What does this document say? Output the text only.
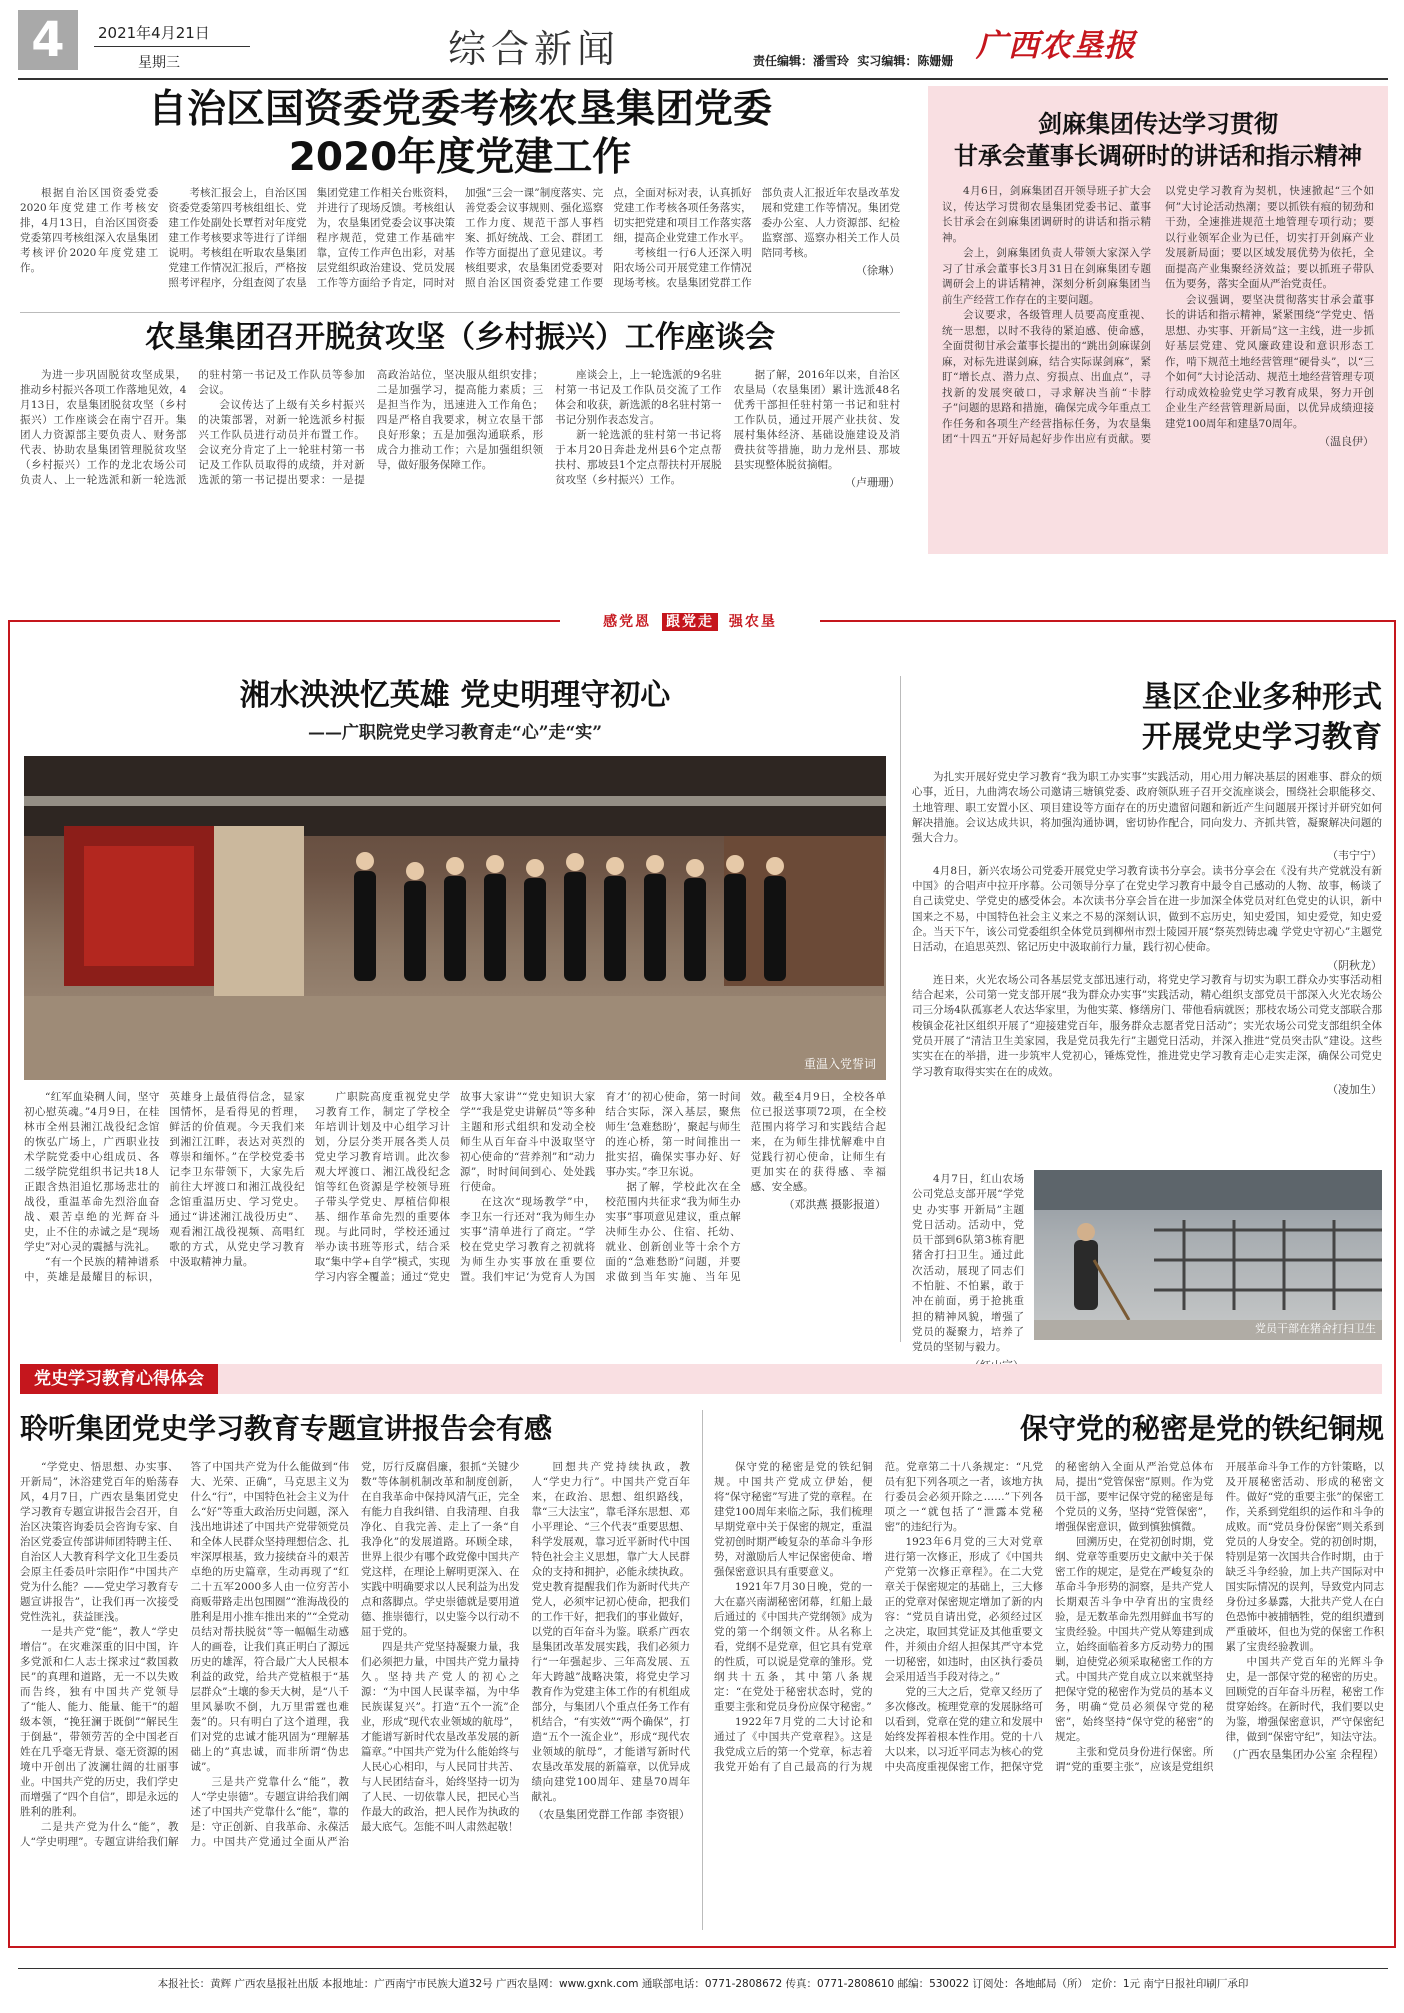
4	2021年4月21日
星期三	综合新闻	责任编辑：潘雪玲  实习编辑：陈姗姗 广西农垦报
自治区国资委党委考核农垦集团党委
2020年度党建工作

根据自治区国资委党委2020年度党建工作考核安排，4月13日，自治区国资委党委第四考核组深入农垦集团考核评价2020年度党建工作。

考核汇报会上，自治区国资委党委第四考核组组长、党建工作处副处长覃哲对年度党建工作考核要求等进行了详细说明。考核组在听取农垦集团党建工作情况汇报后，严格按照考评程序，分组查阅了农垦集团党建工作相关台账资料，并进行了现场反馈。考核组认为，农垦集团党委会议事决策程序规范，党建工作基础牢靠，宣传工作声色出彩，对基层党组织政治建设、党员发展工作等方面给予肯定，同时对加强“三会一课”制度落实、完善党委会议事规则、强化巡察工作力度、规范干部人事档案、抓好统战、工会、群团工作等方面提出了意见建议。考核组要求，农垦集团党委要对照自治区国资委党建工作要点，全面对标对表，认真抓好党建工作考核各项任务落实，切实把党建和项目工作落实落细，提高企业党建工作水平。

考核组一行6人还深入明阳农场公司开展党建工作情况现场考核。农垦集团党群工作部负责人汇报近年农垦改革发展和党建工作等情况。集团党委办公室、人力资源部、纪检监察部、巡察办相关工作人员陪同考核。

（徐琳）
剑麻集团传达学习贯彻
甘承会董事长调研时的讲话和指示精神

4月6日，剑麻集团召开领导班子扩大会议，传达学习贯彻农垦集团党委书记、董事长甘承会在剑麻集团调研时的讲话和指示精神。

会上，剑麻集团负责人带领大家深入学习了甘承会董事长3月31日在剑麻集团专题调研会上的讲话精神，深刻分析剑麻集团当前生产经营工作存在的主要问题。

会议要求，各级管理人员要高度重视、统一思想，以时不我待的紧迫感、使命感，全面贯彻甘承会董事长提出的“跳出剑麻谋剑麻，对标先进谋剑麻，结合实际谋剑麻”，紧盯“增长点、潜力点、穷损点、出血点”，寻找新的发展突破口，寻求解决当前“卡脖子”问题的思路和措施，确保完成今年重点工作任务和各项生产经营指标任务，为农垦集团“十四五”开好局起好步作出应有贡献。要以党史学习教育为契机，快速掀起“三个如何”大讨论活动热潮；要以抓铁有痕的韧劲和干劲，全速推进规范土地管理专项行动；要以行业领军企业为已任，切实打开剑麻产业发展新局面；要以区域发展优势为依托，全面提高产业集聚经济效益；要以抓班子带队伍为要务，落实全面从严治党责任。

会议强调，要坚决贯彻落实甘承会董事长的讲话和指示精神，紧紧围绕“学党史、悟思想、办实事、开新局”这一主线，进一步抓好基层党建、党风廉政建设和意识形态工作，啃下规范土地经营管理“硬骨头”，以“三个如何”大讨论活动、规范土地经营管理专项行动成效检验党史学习教育成果，努力开创企业生产经营管理新局面，以优异成绩迎接建党100周年和建垦70周年。

（温良伊）
农垦集团召开脱贫攻坚（乡村振兴）工作座谈会

为进一步巩固脱贫攻坚成果，推动乡村振兴各项工作落地见效，4月13日，农垦集团脱贫攻坚（乡村振兴）工作座谈会在南宁召开。集团人力资源部主要负责人、财务部代表、协助农垦集团管理脱贫攻坚（乡村振兴）工作的龙北农场公司负责人、上一轮选派和新一轮选派的驻村第一书记及工作队员等参加会议。

会议传达了上级有关乡村振兴的决策部署，对新一轮选派乡村振兴工作队员进行动员并布置工作。会议充分肯定了上一轮驻村第一书记及工作队员取得的成绩，并对新选派的第一书记提出要求：一是提高政治站位，坚决服从组织安排；二是加强学习，提高能力素质；三是担当作为，迅速进入工作角色；四是严格自我要求，树立农垦干部良好形象；五是加强沟通联系，形成合力推动工作；六是加强组织领导，做好服务保障工作。

座谈会上，上一轮选派的9名驻村第一书记及工作队员交流了工作体会和收获，新选派的8名驻村第一书记分别作表态发言。

新一轮选派的驻村第一书记将于本月20日奔赴龙州县6个定点帮扶村、那坡县1个定点帮扶村开展脱贫攻坚（乡村振兴）工作。

据了解，2016年以来，自治区农垦局（农垦集团）累计选派48名优秀干部担任驻村第一书记和驻村工作队员，通过开展产业扶贫、发展村集体经济、基础设施建设及消费扶贫等措施，助力龙州县、那坡县实现整体脱贫摘帽。

（卢珊珊）
感党恩 跟党走 强农垦
湘水泱泱忆英雄 党史明理守初心
——广职院党史学习教育走“心”走“实”
重温入党誓词

“红军血染稠人间，坚守初心慰英魂。”4月9日，在桂林市全州县湘江战役纪念馆的恢弘广场上，广西职业技术学院党委中心组成员、各二级学院党组织书记共18人正跟含热泪追忆那场悲壮的战役，重温革命先烈浴血奋战、艰苦卓绝的光辉奋斗史，止不住的赤诚之是“现场学史”对心灵的震撼与洗礼。

“有一个民族的精神谱系中，英雄是最耀目的标识，英雄身上最值得信念，显家国情怀，是看得见的哲理，鲜活的价值观。今天我们来到湘江江畔，表达对英烈的尊崇和缅怀。”在学校党委书记李卫东带领下，大家先后前往大坪渡口和湘江战役纪念馆重温历史、学习党史。通过“讲述湘江战役历史”、观看湘江战役视频、高唱红歌的方式，从党史学习教育中汲取精神力量。

广职院高度重视党史学习教育工作，制定了学校全年培训计划及中心组学习计划，分层分类开展各类人员党史学习教育培训。此次参观大坪渡口、湘江战役纪念馆等红色资源是学校领导班子带头学党史、厚植信仰根基、细作革命先烈的重要体现。与此同时，学校还通过举办读书班等形式，结合采取“集中学+自学”模式，实现学习内容全覆盖；通过“党史故事大家讲”“党史知识大家学”“我是党史讲解员”等多种主题和形式组织和发动全校师生从百年奋斗中汲取坚守初心使命的“营养剂”和“动力源”，时时间间到心、处处践行使命。

在这次“现场教学”中，李卫东一行还对“我为师生办实事”清单进行了商定。“学校在党史学习教育之初就将为师生办实事放在重要位置。我们牢记‘为党育人为国育才’的初心使命，第一时间结合实际，深入基层，聚焦师生‘急难愁盼’，聚起与师生的连心桥，第一时间推出一批实招，确保实事办好、好事办实。”李卫东说。

据了解，学校此次在全校范围内共征求“我为师生办实事”事项意见建议，重点解决师生办公、住宿、托幼、就业、创新创业等十余个方面的“急难愁盼”问题，并要求做到当年实施、当年见效。截至4月9日，全校各单位已报送事项72项，在全校范围内将学习和实践结合起来，在为师生排忧解难中自觉践行初心使命，让师生有更加实在的获得感、幸福感、安全感。

（邓洪燕 摄影报道）
垦区企业多种形式
开展党史学习教育

为扎实开展好党史学习教育“我为职工办实事”实践活动，用心用力解决基层的困难事、群众的烦心事，近日，九曲湾农场公司邀请三塘镇党委、政府领队班子召开交流座谈会，围绕社会职能移交、土地管理、职工安置小区、项目建设等方面存在的历史遗留问题和新近产生问题展开探讨并研究如何解决措施。会议达成共识，将加强沟通协调，密切协作配合，同向发力、齐抓共管，凝聚解决问题的强大合力。

（韦宁宁）

4月8日，新兴农场公司党委开展党史学习教育读书分享会。读书分享会在《没有共产党就没有新中国》的合唱声中拉开序幕。公司领导分享了在党史学习教育中最令自己感动的人物、故事，畅谈了自己读党史、学党史的感受体会。本次读书分享会旨在进一步加深全体党员对红色党史的认识，新中国来之不易，中国特色社会主义来之不易的深刻认识，做到不忘历史，知史爱国，知史爱党，知史爱企。当天下午，该公司党委组织全体党员到柳州市烈士陵园开展“祭英烈铸忠魂 学党史守初心”主题党日活动，在追思英烈、铭记历史中汲取前行力量，践行初心使命。

（阴秋龙）

连日来，火光农场公司各基层党支部迅速行动，将党史学习教育与切实为职工群众办实事活动相结合起来，公司第一党支部开展“我为群众办实事”实践活动，精心组织支部党员干部深入火光农场公司三分场4队孤寡老人农达华家里，为他实菜、修缮房门、带他看病就医；那枝农场公司党支部联合那梭镇金花社区组织开展了“迎接建党百年，服务群众志愿者党日活动”；实光农场公司党支部组织全体党员开展了“清洁卫生美家园，我是党员我先行”主题党日活动，并深入推进“党员突击队”建设。这些实实在在的举措，进一步筑牢人党初心，锤炼党性，推进党史学习教育走心走实走深，确保公司党史学习教育取得实实在在的成效。

（凌加生）

4月7日，红山农场公司党总支部开展“学党史 办实事 开新局”主题党日活动。活动中，党员干部到6队第3栋育肥猪舍打扫卫生。通过此次活动，展现了同志们不怕脏、不怕累，敢于冲在前面，勇于抢挑重担的精神风貌，增强了党员的凝聚力，培养了党员的坚韧与毅力。

党员干部在猪舍打扫卫生
党史学习教育心得体会
聆听集团党史学习教育专题宣讲报告会有感

“学党史、悟思想、办实事、开新局”，沐浴建党百年的贻荡春风，4月7日，广西农垦集团党史学习教育专题宣讲报告会召开，自治区决策咨询委员会咨询专家、自治区党委宣传部讲师团特聘主任、自治区人大教育科学文化卫生委员会原主任委员叶宗阳作“中国共产党为什么能？——党史学习教育专题宣讲报告”，让我们再一次接受党性洗礼，获益匪浅。

一是共产党“能”，教人“学史增信”。在灾难深重的旧中国，许多党派和仁人志士探求过“救国救民”的真理和道路，无一不以失败而告终，独有中国共产党领导了“能人、能力、能量、能干”的超级本领，“挽狂澜于既倒”“解民生于倒悬”，带领劳苦的全中国老百姓在几乎毫无背景、毫无资源的困境中开创出了波澜壮阔的壮丽事业。中国共产党的历史，我们学史而增强了“四个自信”，即是永远的胜利的胜利。

二是共产党为什么“能”，教人“学史明理”。专题宣讲给我们解答了中国共产党为什么能做到“伟大、光荣、正确”，马克思主义为什么“行”，中国特色社会主义为什么“好”等重大政治历史问题，深入浅出地讲述了中国共产党带领党员和全体人民群众坚持理想信念、扎牢深厚根基，致力接续奋斗的艰苦卓绝的历史篇章，生动再现了“红二十五军2000多人由一位穷苦小商贩带路走出包围圈”“淮海战役的胜利是用小推车推出来的”“全党动员结对帮扶脱贫”等一幅幅生动感人的画卷，让我们真正明白了源远历史的雄浑，符合最广大人民根本利益的政党，给共产党植根于“基层群众”土壤的参天大树，是“八千里风暴吹不倒，九万里雷霆也难轰”的。只有明白了这个道理，我们对党的忠诚才能巩固为“理解基础上的”真忠诚，而非所谓“伪忠诚”。

三是共产党靠什么“能”，教人“学史崇德”。专题宣讲给我们阐述了中国共产党靠什么“能”，靠的是：守正创新、自我革命、永葆活力。中国共产党通过全面从严治党，厉行反腐倡廉，狠抓“关键少数”等体制机制改革和制度创新，在自我革命中保持风清气正，完全有能力自我纠错、自我清理、自我净化、自我完善、走上了一条“自我净化”的发展道路。环顾全球，世界上很少有哪个政党像中国共产党这样，在理论上解明更深入、在实践中明确要求以人民利益为出发点和落脚点。学史崇德就是要用道德、推崇德行，以史鉴今以行动不屈于党的。

四是共产党坚持凝聚力量，我们必须把力量，中国共产党力量持久。坚持共产党人的初心之源：“为中国人民谋幸福，为中华民族谋复兴”。打造“五个一流”企业，形成“现代农业领域的航母”，才能谱写新时代农垦改革发展的新篇章。”中国共产党为什么能始终与人民心心相印，与人民同甘共苦、与人民团结奋斗，始终坚持一切为了人民、一切依靠人民，把民心当作最大的政治，把人民作为执政的最大底气。怎能不叫人肃然起敬！

回想共产党持续执政，教人“学史力行”。中国共产党百年来，在政治、思想、组织路线，靠“三大法宝”，靠毛泽东思想、邓小平理论、“三个代表”重要思想、科学发展观，靠习近平新时代中国特色社会主义思想，靠广大人民群众的支持和拥护，必能永续执政。党史教育提醒我们作为新时代共产党人，必须牢记初心使命，把我们的工作干好，把我们的事业做好，以党的百年奋斗为鉴。联系广西农垦集团改革发展实践，我们必须力行“一年强起步、三年高发展、五年大跨越”战略决策，将党史学习教育作为党建主体工作的有机组成部分，与集团八个重点任务工作有机结合，“有实效”“两个确保”，打造“五个一流企业”，形成“现代农业领域的航母”，才能谱写新时代农垦改革发展的新篇章，以优异成绩向建党100周年、建垦70周年献礼。

（农垦集团党群工作部 李资银）
保守党的秘密是党的铁纪铜规

保守党的秘密是党的铁纪铜规。中国共产党成立伊始，便将“保守秘密”写进了党的章程。在建党100周年来临之际，我们梳理早期党章中关于保密的规定，重温党初创时期严峻复杂的革命斗争形势，对激励后人牢记保密使命、增强保密意识具有重要意义。

1921年7月30日晚，党的一大在嘉兴南湖秘密闭幕，红船上最后通过的《中国共产党纲领》成为党的第一个纲领文件。从名称上看，党纲不是党章，但它具有党章的性质，可以说是党章的雏形。党纲共十五条，其中第八条规定：“在党处于秘密状态时，党的重要主张和党员身份应保守秘密。”

1922年7月党的二大讨论和通过了《中国共产党章程》。这是我党成立后的第一个党章，标志着我党开始有了自己最高的行为规范。党章第二十八条规定：“凡党员有犯下列各项之一者，该地方执行委员会必须开除之……”下列各项之一“就包括了“泄露本党秘密”的违纪行为。

1923年6月党的三大对党章进行第一次修正，形成了《中国共产党第一次修正章程》。在二大党章关于保密规定的基础上，三大修正的党章对保密规定增加了新的内容：“党员自请出党，必须经过区之决定，取回其党证及其他重要文件，并须由介绍人担保其严守本党一切秘密，如违时，由区执行委员会采用适当手段对待之。”

党的三大之后，党章又经历了多次修改。梳理党章的发展脉络可以看到，党章在党的建立和发展中始终发挥着根本性作用。党的十八大以来，以习近平同志为核心的党中央高度重视保密工作，把保守党的秘密纳入全面从严治党总体布局，提出“党管保密”原则。作为党员干部，要牢记保守党的秘密是每个党员的义务，坚持“党管保密”，增强保密意识，做到慎独慎微。

回溯历史，在党初创时期，党纲、党章等重要历史文献中关于保密工作的规定，是党在严峻复杂的革命斗争形势的洞察，是共产党人长期艰苦斗争中孕育出的宝贵经验，是无数革命先烈用鲜血书写的宝贵经验。中国共产党从筹建到成立，始终面临着多方反动势力的围剿，迫使党必须采取秘密工作的方式。中国共产党自成立以来就坚持把保守党的秘密作为党员的基本义务，明确“党员必须保守党的秘密”，始终坚持“保守党的秘密”的规定。

主张和党员身份进行保密。所谓“党的重要主张”，应该是党组织开展革命斗争工作的方针策略，以及开展秘密活动、形成的秘密文件。做好“党的重要主张”的保密工作，关系到党组织的运作和斗争的成败。而“党员身份保密”则关系到党员的人身安全。党的初创时期，特别是第一次国共合作时期，由于缺乏斗争经验，加上共产国际对中国实际情况的误判，导致党内同志身份过多暴露，大批共产党人在白色恐怖中被捕牺牲，党的组织遭到严重破坏，但也为党的保密工作积累了宝贵经验教训。

中国共产党百年的光辉斗争史，是一部保守党的秘密的历史。回顾党的百年奋斗历程，秘密工作贯穿始终。在新时代，我们要以史为鉴，增强保密意识，严守保密纪律，做到“保密守纪”，知法守法。

（广西农垦集团办公室 余程程）
本报社长：黄辉 广西农垦报社出版 本报地址：广西南宁市民族大道32号 广西农垦网：www.gxnk.com 通联部电话：0771-2808672 传真：0771-2808610 邮编：530022 订阅处：各地邮局（所） 定价：1元 南宁日报社印刷厂承印
